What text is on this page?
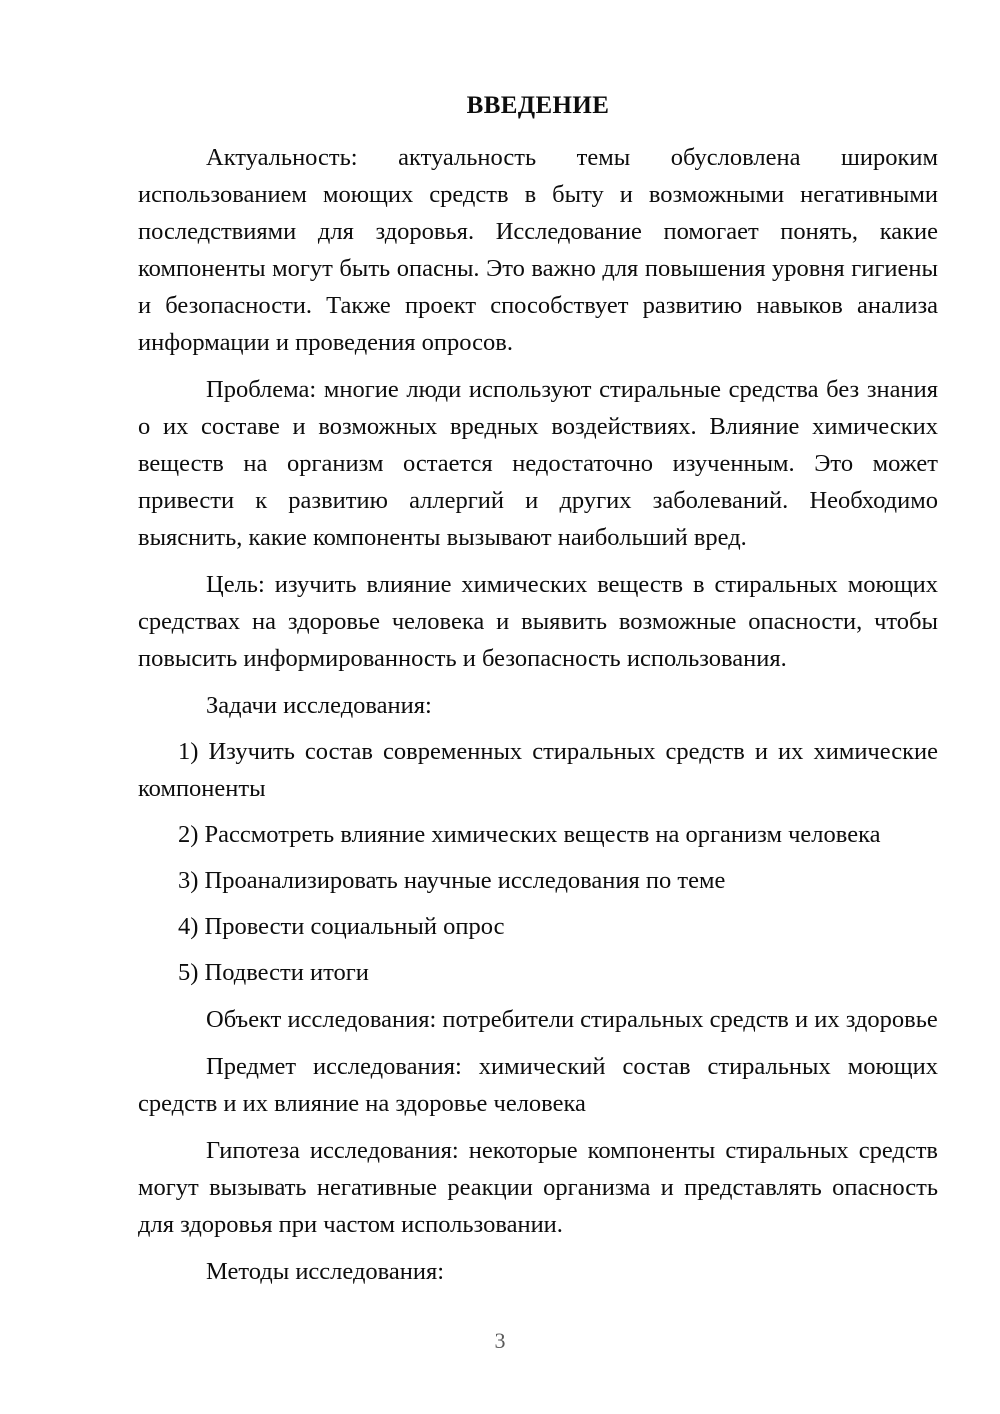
ВВЕДЕНИЕ

Актуальность: актуальность темы обусловлена широким использованием моющих средств в быту и возможными негативными последствиями для здоровья. Исследование помогает понять, какие компоненты могут быть опасны. Это важно для повышения уровня гигиены и безопасности. Также проект способствует развитию навыков анализа информации и проведения опросов.

Проблема: многие люди используют стиральные средства без знания о их составе и возможных вредных воздействиях. Влияние химических веществ на организм остается недостаточно изученным. Это может привести к развитию аллергий и других заболеваний. Необходимо выяснить, какие компоненты вызывают наибольший вред.

Цель: изучить влияние химических веществ в стиральных моющих средствах на здоровье человека и выявить возможные опасности, чтобы повысить информированность и безопасность использования.

Задачи исследования:

1) Изучить состав современных стиральных средств и их химические компоненты
2) Рассмотреть влияние химических веществ на организм человека
3) Проанализировать научные исследования по теме
4) Провести социальный опрос
5) Подвести итоги

Объект исследования: потребители стиральных средств и их здоровье

Предмет исследования: химический состав стиральных моющих средств и их влияние на здоровье человека

Гипотеза исследования: некоторые компоненты стиральных средств могут вызывать негативные реакции организма и представлять опасность для здоровья при частом использовании.

Методы исследования:

3
